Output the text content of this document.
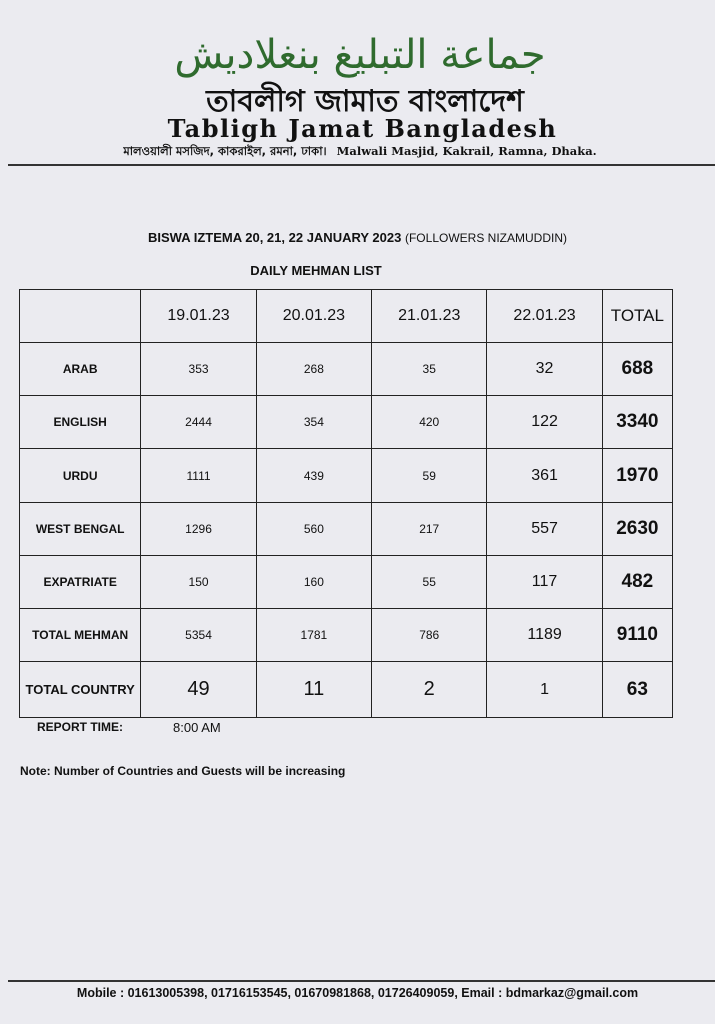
جماعة التبليغ بنغلاديش
তাবলীগ জামাত বাংলাদেশ
Tabligh Jamat Bangladesh
মালওয়ালী মসজিদ, কাকরাইল, রমনা, ঢাকা। Malwali Masjid, Kakrail, Ramna, Dhaka.
BISWA IZTEMA 20, 21, 22 JANUARY 2023 (FOLLOWERS NIZAMUDDIN)
DAILY MEHMAN LIST
	19.01.23	20.01.23	21.01.23	22.01.23	TOTAL
ARAB	353	268	35	32	688
ENGLISH	2444	354	420	122	3340
URDU	1111	439	59	361	1970
WEST BENGAL	1296	560	217	557	2630
EXPATRIATE	150	160	55	117	482
TOTAL MEHMAN	5354	1781	786	1189	9110
TOTAL COUNTRY	49	11	2	1	63
REPORT TIME:	8:00 AM
Note: Number of Countries and Guests will be increasing
Mobile : 01613005398, 01716153545, 01670981868, 01726409059, Email : bdmarkaz@gmail.com
